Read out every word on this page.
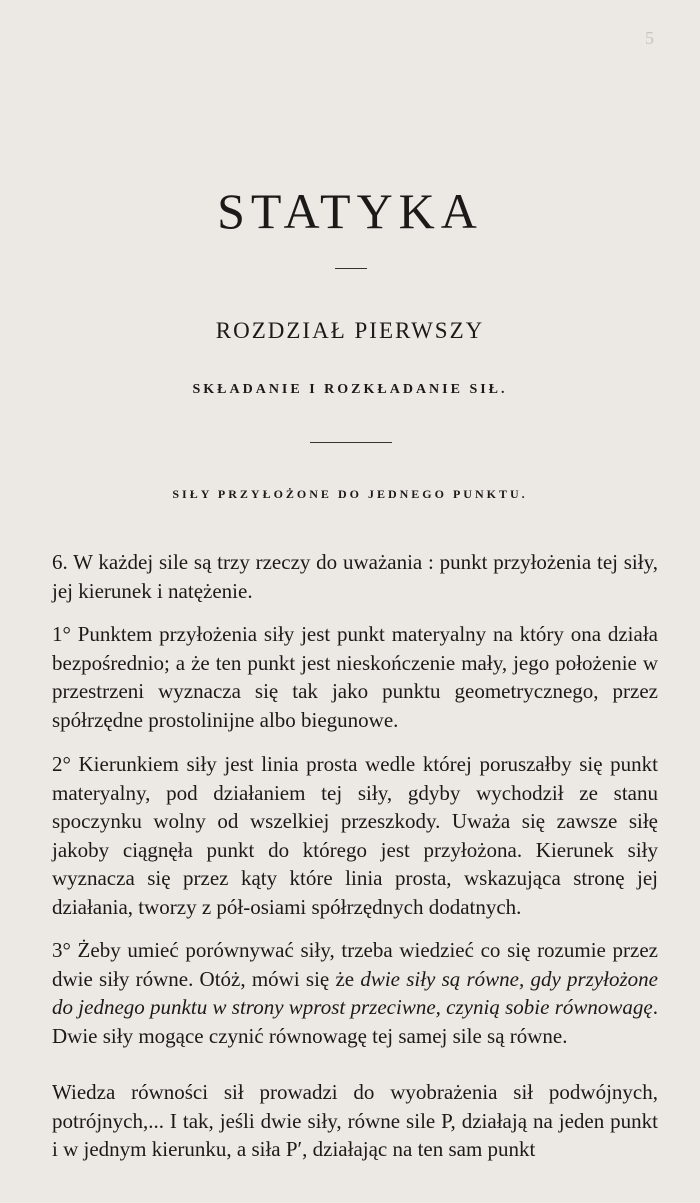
5
STATYKA
ROZDZIAŁ PIERWSZY
SKŁADANIE I ROZKŁADANIE SIŁ.
SIŁY PRZYŁOŻONE DO JEDNEGO PUNKTU.

6. W każdej sile są trzy rzeczy do uważania : punkt przyłożenia tej siły, jej kierunek i natężenie.

1° Punktem przyłożenia siły jest punkt materyalny na który ona działa bezpośrednio; a że ten punkt jest nieskończenie mały, jego położenie w przestrzeni wyznacza się tak jako punktu geometrycznego, przez spółrzędne prostolinijne albo biegunowe.

2° Kierunkiem siły jest linia prosta wedle której poruszałby się punkt materyalny, pod działaniem tej siły, gdyby wychodził ze stanu spoczynku wolny od wszelkiej przeszkody. Uważa się zawsze siłę jakoby ciągnęła punkt do którego jest przyłożona. Kierunek siły wyznacza się przez kąty które linia prosta, wskazująca stronę jej działania, tworzy z pół-osiami spółrzędnych dodatnych.

3° Żeby umieć porównywać siły, trzeba wiedzieć co się rozumie przez dwie siły równe. Otóż, mówi się że dwie siły są równe, gdy przyłożone do jednego punktu w strony wprost przeciwne, czynią sobie równowagę. Dwie siły mogące czynić równowagę tej samej sile są równe.

Wiedza równości sił prowadzi do wyobrażenia sił podwójnych, potrójnych,... I tak, jeśli dwie siły, równe sile P, działają na jeden punkt i w jednym kierunku, a siła P′, działając na ten sam punkt
